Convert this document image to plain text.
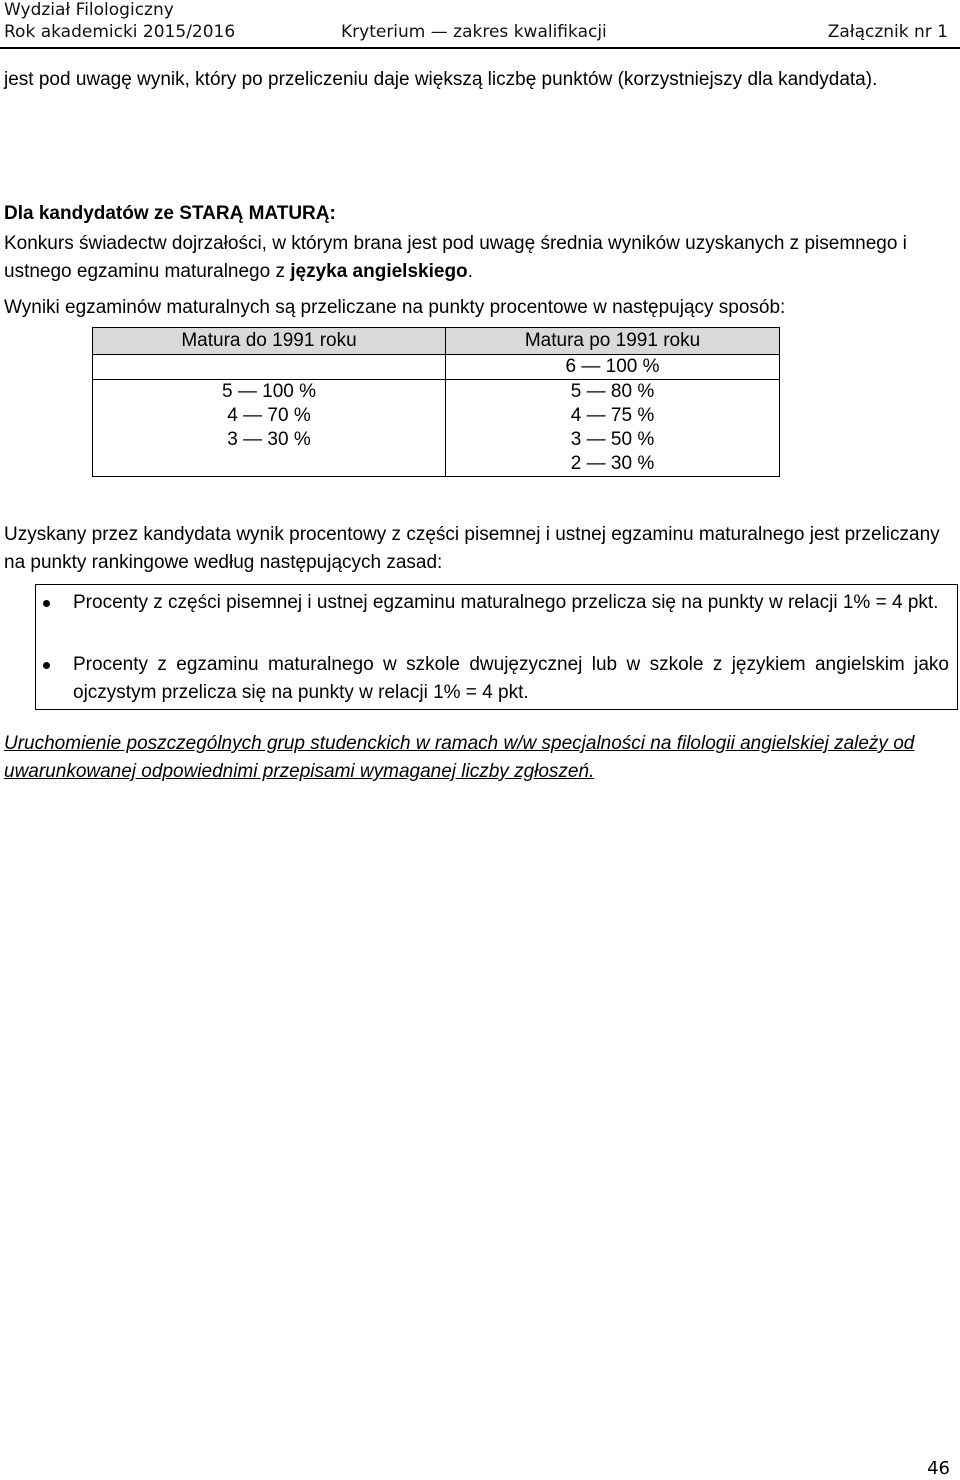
Wydział Filologiczny
Rok akademicki 2015/2016	Kryterium — zakres kwalifikacji	Załącznik nr 1
jest pod uwagę wynik, który po przeliczeniu daje większą liczbę punktów (korzystniejszy dla kandydata).
Dla kandydatów ze STARĄ MATURĄ:
Konkurs świadectw dojrzałości, w którym brana jest pod uwagę średnia wyników uzyskanych z pisemnego i ustnego egzaminu maturalnego z języka angielskiego.
Wyniki egzaminów maturalnych są przeliczane na punkty procentowe w następujący sposób:
Matura do 1991 roku	Matura po 1991 roku
	6 — 100 %
5 — 100 %	5 — 80 %
4 — 70 %	4 — 75 %
3 — 30 %	3 — 50 %
	2 — 30 %
Uzyskany przez kandydata wynik procentowy z części pisemnej i ustnej egzaminu maturalnego jest przeliczany na punkty rankingowe według następujących zasad:
Procenty z części pisemnej i ustnej egzaminu maturalnego przelicza się na punkty w relacji 1% = 4 pkt.
Procenty z egzaminu maturalnego w szkole dwujęzycznej lub w szkole z językiem angielskim jako ojczystym przelicza się na punkty w relacji 1% = 4 pkt.
Uruchomienie poszczególnych grup studenckich w ramach w/w specjalności na filologii angielskiej zależy od uwarunkowanej odpowiednimi przepisami wymaganej liczby zgłoszeń.
46
